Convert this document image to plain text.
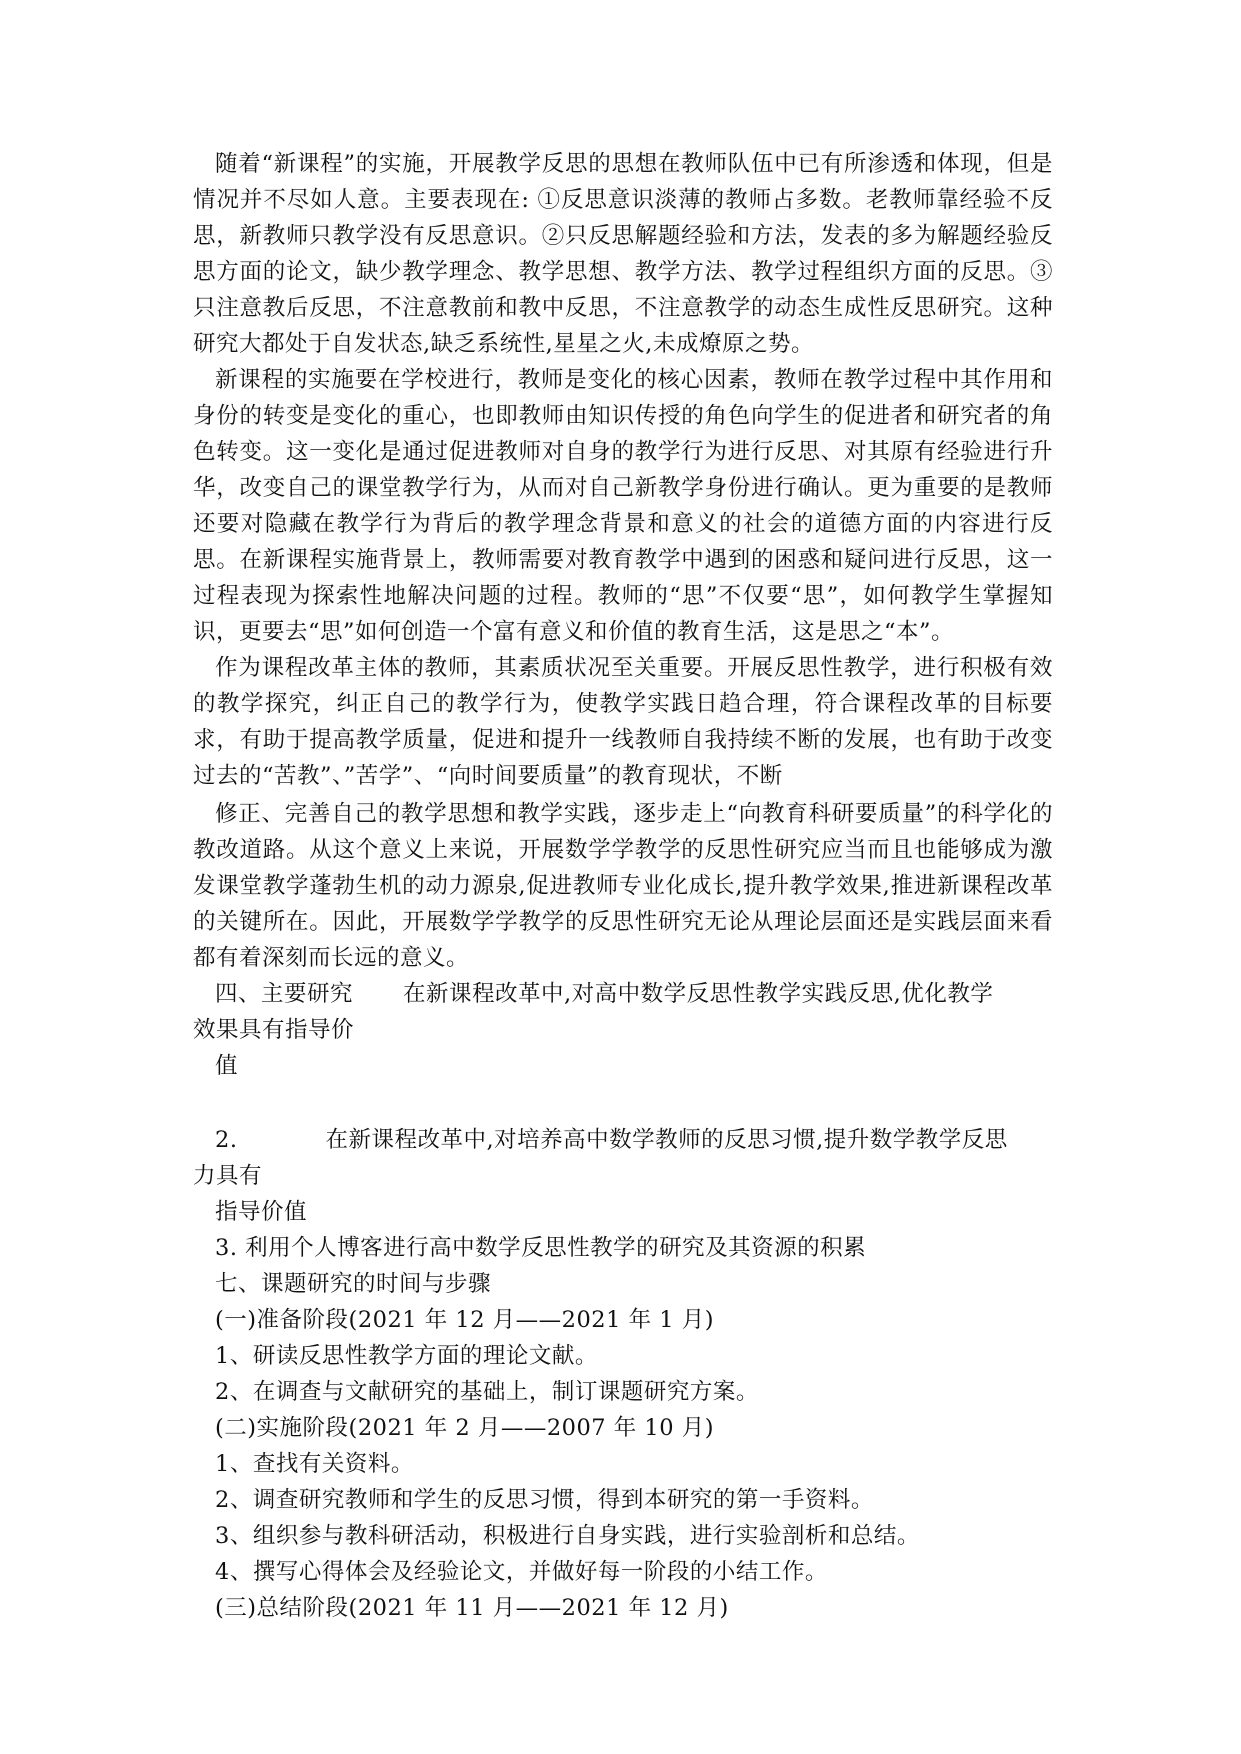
随着“新课程”的实施，开展教学反思的思想在教师队伍中已有所渗透和体现，但是情况并不尽如人意。主要表现在: ①反思意识淡薄的教师占多数。老教师靠经验不反思，新教师只教学没有反思意识。②只反思解题经验和方法，发表的多为解题经验反思方面的论文，缺少教学理念、教学思想、教学方法、教学过程组织方面的反思。③只注意教后反思，不注意教前和教中反思，不注意教学的动态生成性反思研究。这种研究大都处于自发状态,缺乏系统性,星星之火,未成燎原之势。

新课程的实施要在学校进行，教师是变化的核心因素，教师在教学过程中其作用和身份的转变是变化的重心，也即教师由知识传授的角色向学生的促进者和研究者的角色转变。这一变化是通过促进教师对自身的教学行为进行反思、对其原有经验进行升华，改变自己的课堂教学行为，从而对自己新教学身份进行确认。更为重要的是教师还要对隐藏在教学行为背后的教学理念背景和意义的社会的道德方面的内容进行反思。在新课程实施背景上，教师需要对教育教学中遇到的困惑和疑问进行反思，这一过程表现为探索性地解决问题的过程。教师的“思”不仅要“思”，如何教学生掌握知识，更要去“思”如何创造一个富有意义和价值的教育生活，这是思之“本”。

作为课程改革主体的教师，其素质状况至关重要。开展反思性教学，进行积极有效的教学探究，纠正自己的教学行为，使教学实践日趋合理，符合课程改革的目标要求，有助于提高教学质量，促进和提升一线教师自我持续不断的发展，也有助于改变过去的“苦教”、”苦学”、“向时间要质量”的教育现状，不断

修正、完善自己的教学思想和教学实践，逐步走上“向教育科研要质量”的科学化的教改道路。从这个意义上来说，开展数学学教学的反思性研究应当而且也能够成为激发课堂教学蓬勃生机的动力源泉,促进教师专业化成长,提升教学效果,推进新课程改革的关键所在。因此，开展数学学教学的反思性研究无论从理论层面还是实践层面来看都有着深刻而长远的意义。

四、主要研究 在新课程改革中,对高中数学反思性教学实践反思,优化教学
效果具有指导价
值
2.	在新课程改革中,对培养高中数学教师的反思习惯,提升数学教学反思
力具有
指导价值
3. 利用个人博客进行高中数学反思性教学的研究及其资源的积累
七、课题研究的时间与步骤
(一)准备阶段(2021 年 12 月——2021 年 1 月)
1、研读反思性教学方面的理论文献。
2、在调查与文献研究的基础上，制订课题研究方案。
(二)实施阶段(2021 年 2 月——2007 年 10 月)
1、查找有关资料。
2、调查研究教师和学生的反思习惯，得到本研究的第一手资料。
3、组织参与教科研活动，积极进行自身实践，进行实验剖析和总结。
4、撰写心得体会及经验论文，并做好每一阶段的小结工作。
(三)总结阶段(2021 年 11 月——2021 年 12 月)
